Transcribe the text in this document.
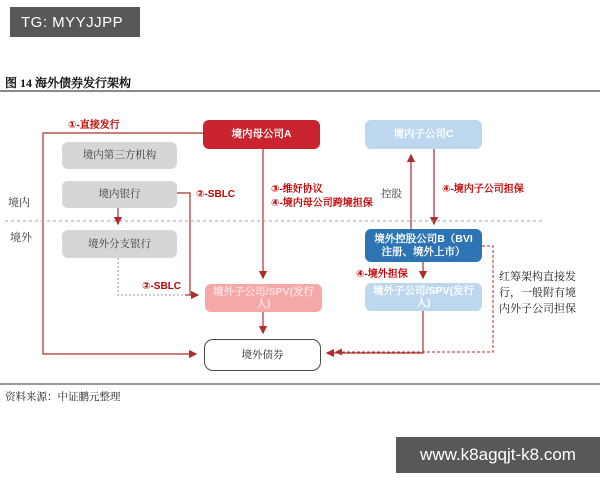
TG: MYYJJPP
图 14 海外债券发行架构
境内
境外
境内第三方机构
境内银行
境外分支银行
境内母公司A	境内子公司C
境外控股公司B（BVI注册、境外上市）
境外子公司/SPV(发行人)
境外子公司/SPV(发行人)
境外债券
①-直接发行
②-SBLC	③-维好协议
④-境内母公司跨境担保
控股	④-境内子公司担保
②-SBLC
④-境外担保	红筹架构直接发行，一般附有境内外子公司担保
资料来源：中证鹏元整理
www.k8agqjt-k8.com
